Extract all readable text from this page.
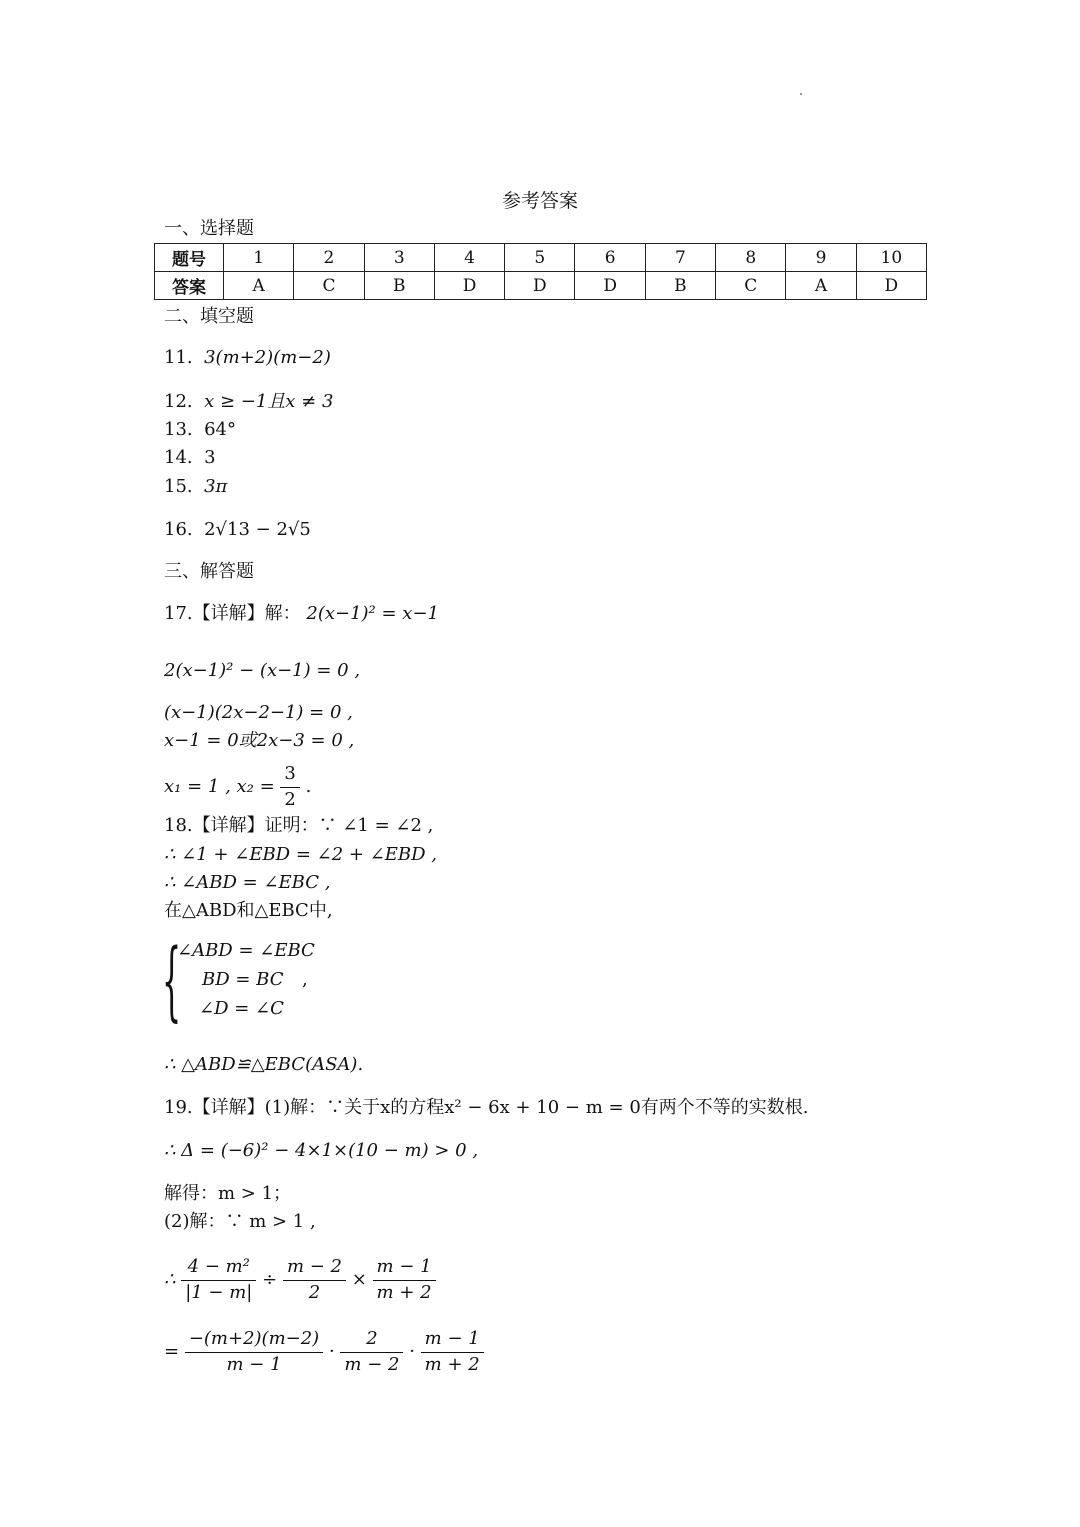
参考答案
一、选择题
题号	1	2	3	4	5	6	7	8	9	10
答案	A	C	B	D	D	D	B	C	A	D
二、填空题
11. 3(m+2)(m−2)
12. x ≥ −1且x ≠ 3
13. 64°
14. 3
15. 3π
16. 2√13 − 2√5
三、解答题
17.【详解】解： 2(x−1)² = x−1
2(x−1)² − (x−1) = 0 ,
(x−1)(2x−2−1) = 0 ,
x−1 = 0或2x−3 = 0 ,
x₁ = 1 , $x_2 = \frac{3}{2}$ .
18.【详解】证明：∵ ∠1 = ∠2 ,
∴ ∠1 + ∠EBD = ∠2 + ∠EBD ,
∴ ∠ABD = ∠EBC ,
在△ABD和△EBC中,
{
∠ABD = ∠EBC
BD = BC ,
∠D = ∠C
∴ △ABD≌△EBC(ASA).
19.【详解】(1)解：∵关于x的方程x² − 6x + 10 − m = 0有两个不等的实数根.
∴ Δ = (−6)² − 4×1×(10 − m) > 0 ,
解得：m > 1；
(2)解：∵ m > 1 ,
∴ $\frac{\text{4 − m²}}{|1 - m|} \div \frac{m - 2}{2} \times \frac{m - 1}{m + 2}$
= $\frac{-(m+2)(m-2)}{m - 1} \cdot \frac{2}{m - 2} \cdot \frac{m - 1}{m + 2}$
